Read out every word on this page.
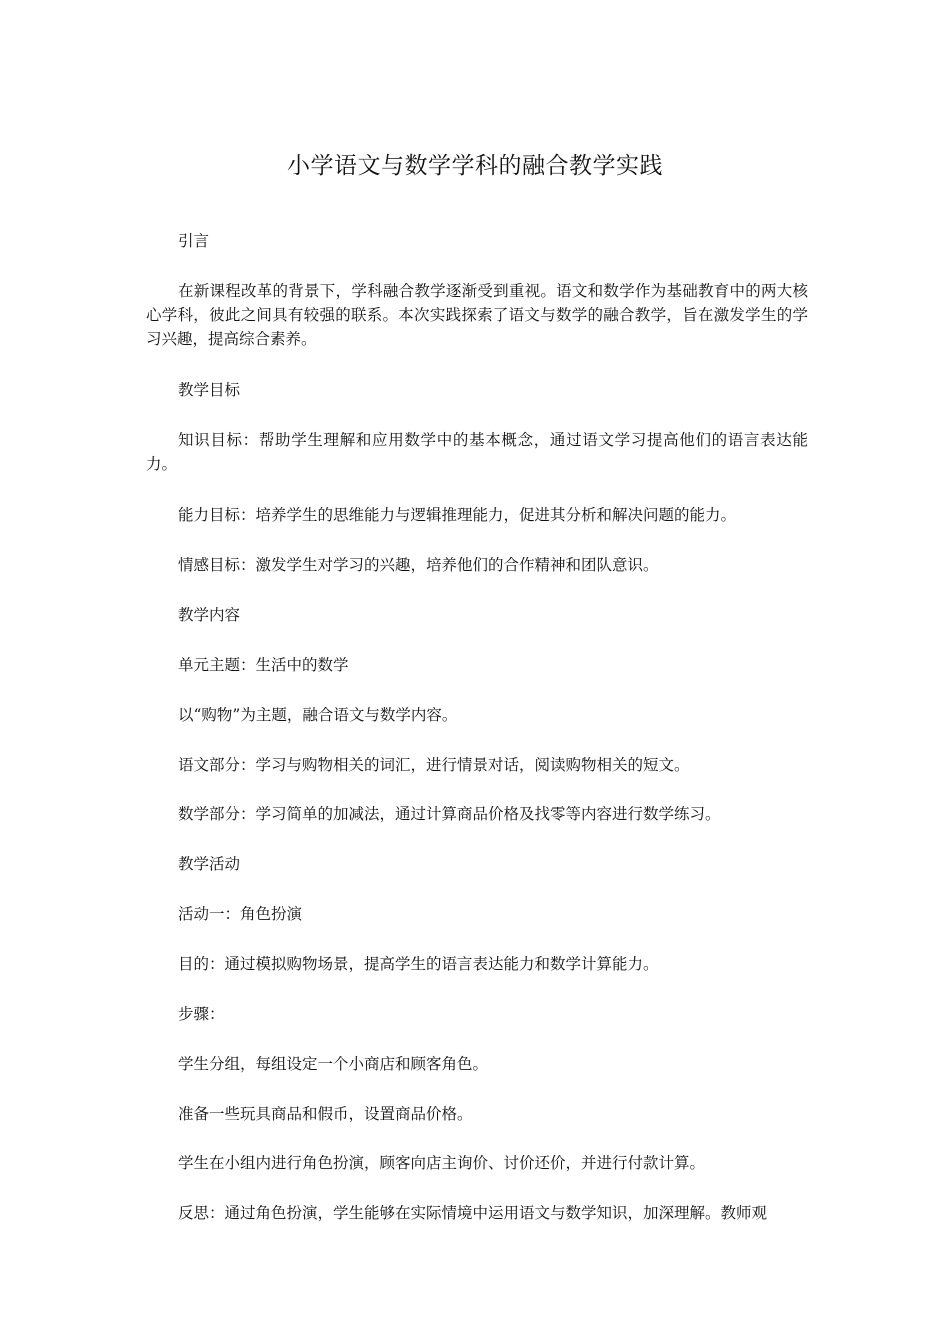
小学语文与数学学科的融合教学实践

引言

在新课程改革的背景下，学科融合教学逐渐受到重视。语文和数学作为基础教育中的两大核心学科，彼此之间具有较强的联系。本次实践探索了语文与数学的融合教学，旨在激发学生的学习兴趣，提高综合素养。

教学目标

知识目标：帮助学生理解和应用数学中的基本概念，通过语文学习提高他们的语言表达能力。

能力目标：培养学生的思维能力与逻辑推理能力，促进其分析和解决问题的能力。

情感目标：激发学生对学习的兴趣，培养他们的合作精神和团队意识。

教学内容

单元主题：生活中的数学

以“购物”为主题，融合语文与数学内容。

语文部分：学习与购物相关的词汇，进行情景对话，阅读购物相关的短文。

数学部分：学习简单的加减法，通过计算商品价格及找零等内容进行数学练习。

教学活动

活动一：角色扮演

目的：通过模拟购物场景，提高学生的语言表达能力和数学计算能力。

步骤：

学生分组，每组设定一个小商店和顾客角色。

准备一些玩具商品和假币，设置商品价格。

学生在小组内进行角色扮演，顾客向店主询价、讨价还价，并进行付款计算。

反思：通过角色扮演，学生能够在实际情境中运用语文与数学知识，加深理解。教师观
